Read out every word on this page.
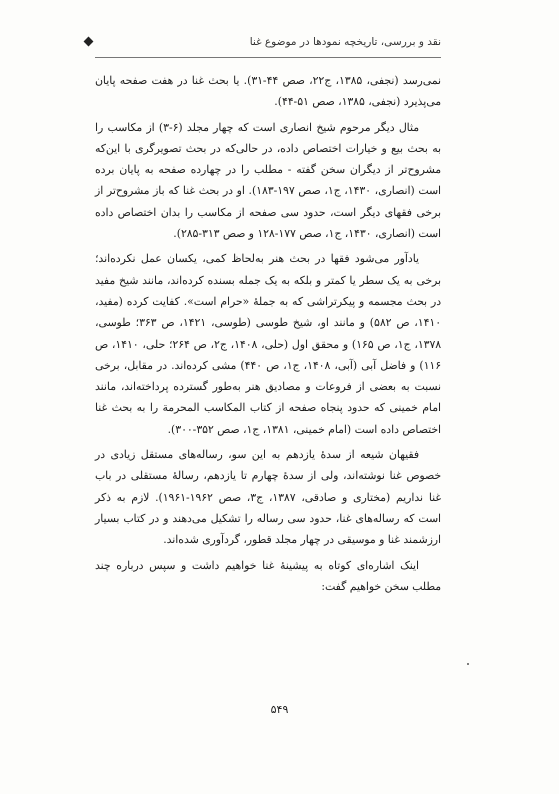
نقد و بررسی، تاریخچه نمودها در موضوع غنا

نمی‌رسد (نجفی، ۱۳۸۵، ج۲۲، صص ۴۴-۳۱). یا بحث غنا در هفت صفحه پایان می‌پذیرد (نجفی، ۱۳۸۵، صص ۵۱-۴۴).

مثال دیگر مرحوم شیخ انصاری است که چهار مجلد (۶-۳) از مکاسب را به بحث بیع و خیارات اختصاص داده، در حالی‌که در بحث تصویرگری با این‌که مشروح‌تر از دیگران سخن گفته - مطلب را در چهارده صفحه به پایان برده است (انصاری، ۱۴۳۰، ج۱، صص ۱۹۷-۱۸۳). او در بحث غنا که باز مشروح‌تر از برخی فقهای دیگر است، حدود سی صفحه از مکاسب را بدان اختصاص داده است (انصاری، ۱۴۳۰، ج۱، صص ۱۷۷-۱۲۸ و صص ۳۱۳-۲۸۵).

یادآور می‌شود فقها در بحث هنر به‌لحاظ کمی، یکسان عمل نکرده‌اند؛ برخی به یک سطر یا کمتر و بلکه به یک جمله بسنده کرده‌اند، مانند شیخ مفید در بحث مجسمه و پیکرتراشی که به جملهٔ «حرام است». کفایت کرده (مفید، ۱۴۱۰، ص ۵۸۲) و مانند او، شیخ طوسی (طوسی، ۱۴۲۱، ص ۳۶۳؛ طوسی، ۱۳۷۸، ج۱، ص ۱۶۵) و محقق اول (حلی، ۱۴۰۸، ج۲، ص ۲۶۴؛ حلی، ۱۴۱۰، ص ۱۱۶) و فاضل آبی (آبی، ۱۴۰۸، ج۱، ص ۴۴۰) مشی کرده‌اند. در مقابل، برخی نسبت به بعضی از فروعات و مصادیق هنر به‌طور گسترده پرداخته‌اند، مانند امام خمینی که حدود پنجاه صفحه از کتاب المکاسب المحرمة را به بحث غنا اختصاص داده است (امام خمینی، ۱۳۸۱، ج۱، صص ۳۵۲-۳۰۰).

فقیهان شیعه از سدهٔ یازدهم به این سو، رساله‌های مستقل زیادی در خصوص غنا نوشته‌اند، ولی از سدهٔ چهارم تا یازدهم، رسالهٔ مستقلی در باب غنا نداریم (مختاری و صادقی، ۱۳۸۷، ج۳، صص ۱۹۶۲-۱۹۶۱). لازم به ذکر است که رساله‌های غنا، حدود سی رساله را تشکیل می‌دهند و در کتاب بسیار ارزشمند غنا و موسیقی در چهار مجلد قطور، گردآوری شده‌اند.

اینک اشاره‌ای کوتاه به پیشینهٔ غنا خواهیم داشت و سپس درباره چند مطلب سخن خواهیم گفت:

۵۴۹
